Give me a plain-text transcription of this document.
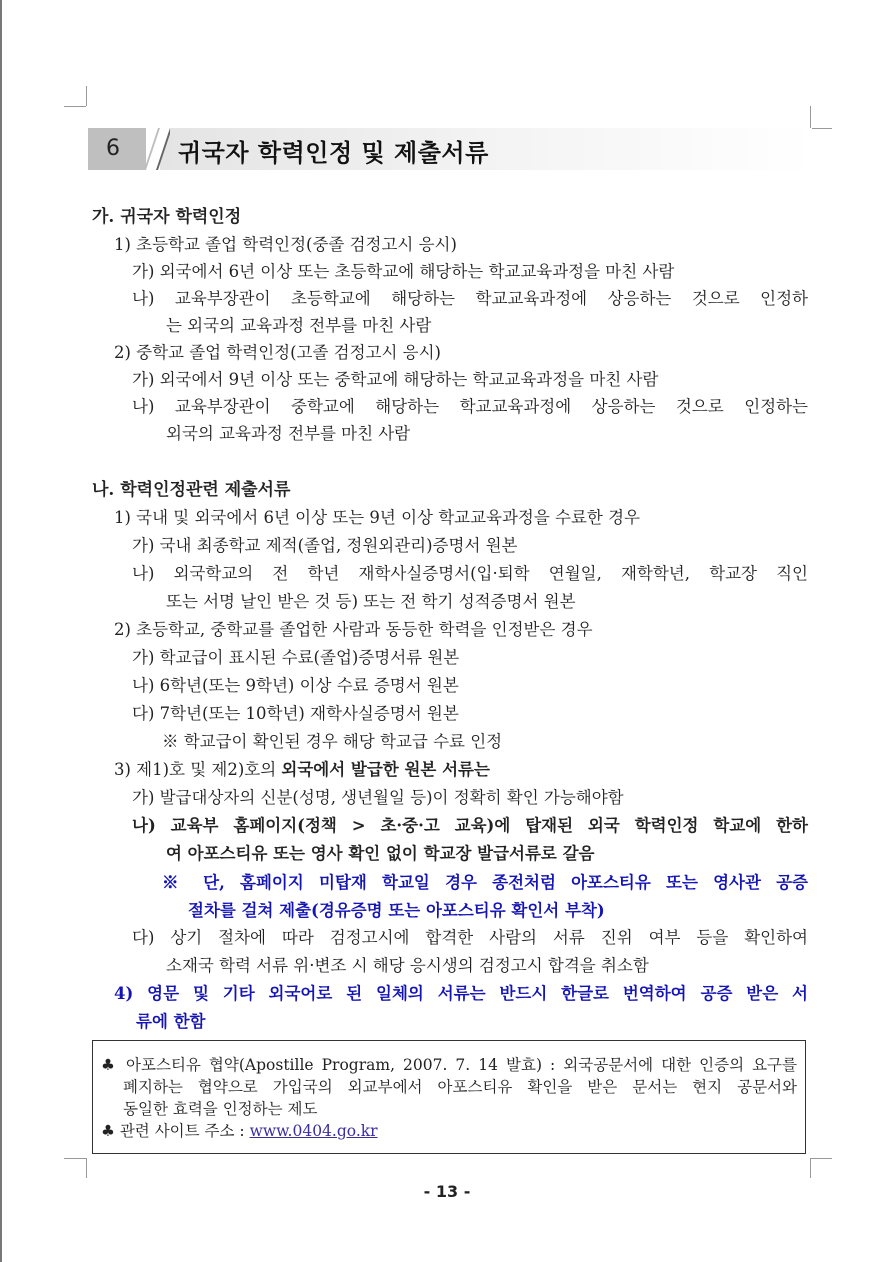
6 귀국자 학력인정 및 제출서류
가. 귀국자 학력인정
1) 초등학교 졸업 학력인정(중졸 검정고시 응시)
가) 외국에서 6년 이상 또는 초등학교에 해당하는 학교교육과정을 마친 사람
나) 교육부장관이 초등학교에 해당하는 학교교육과정에 상응하는 것으로 인정하
는 외국의 교육과정 전부를 마친 사람
2) 중학교 졸업 학력인정(고졸 검정고시 응시)
가) 외국에서 9년 이상 또는 중학교에 해당하는 학교교육과정을 마친 사람
나) 교육부장관이 중학교에 해당하는 학교교육과정에 상응하는 것으로 인정하는
외국의 교육과정 전부를 마친 사람
나. 학력인정관련 제출서류
1) 국내 및 외국에서 6년 이상 또는 9년 이상 학교교육과정을 수료한 경우
가) 국내 최종학교 제적(졸업, 정원외관리)증명서 원본
나) 외국학교의 전 학년 재학사실증명서(입·퇴학 연월일, 재학학년, 학교장 직인
또는 서명 날인 받은 것 등) 또는 전 학기 성적증명서 원본
2) 초등학교, 중학교를 졸업한 사람과 동등한 학력을 인정받은 경우
가) 학교급이 표시된 수료(졸업)증명서류 원본
나) 6학년(또는 9학년) 이상 수료 증명서 원본
다) 7학년(또는 10학년) 재학사실증명서 원본
※ 학교급이 확인된 경우 해당 학교급 수료 인정
3) 제1)호 및 제2)호의 외국에서 발급한 원본 서류는
가) 발급대상자의 신분(성명, 생년월일 등)이 정확히 확인 가능해야함
나) 교육부 홈페이지(정책 > 초·중·고 교육)에 탑재된 외국 학력인정 학교에 한하
여 아포스티유 또는 영사 확인 없이 학교장 발급서류로 갈음
※ 단, 홈페이지 미탑재 학교일 경우 종전처럼 아포스티유 또는 영사관 공증
절차를 걸쳐 제출(경유증명 또는 아포스티유 확인서 부착)
다) 상기 절차에 따라 검정고시에 합격한 사람의 서류 진위 여부 등을 확인하여
소재국 학력 서류 위·변조 시 해당 응시생의 검정고시 합격을 취소함
4) 영문 및 기타 외국어로 된 일체의 서류는 반드시 한글로 번역하여 공증 받은 서
류에 한함
♣ 아포스티유 협약(Apostille Program, 2007. 7. 14 발효) : 외국공문서에 대한 인증의 요구를
폐지하는 협약으로 가입국의 외교부에서 아포스티유 확인을 받은 문서는 현지 공문서와
동일한 효력을 인정하는 제도
♣ 관련 사이트 주소 : www.0404.go.kr
- 13 -
